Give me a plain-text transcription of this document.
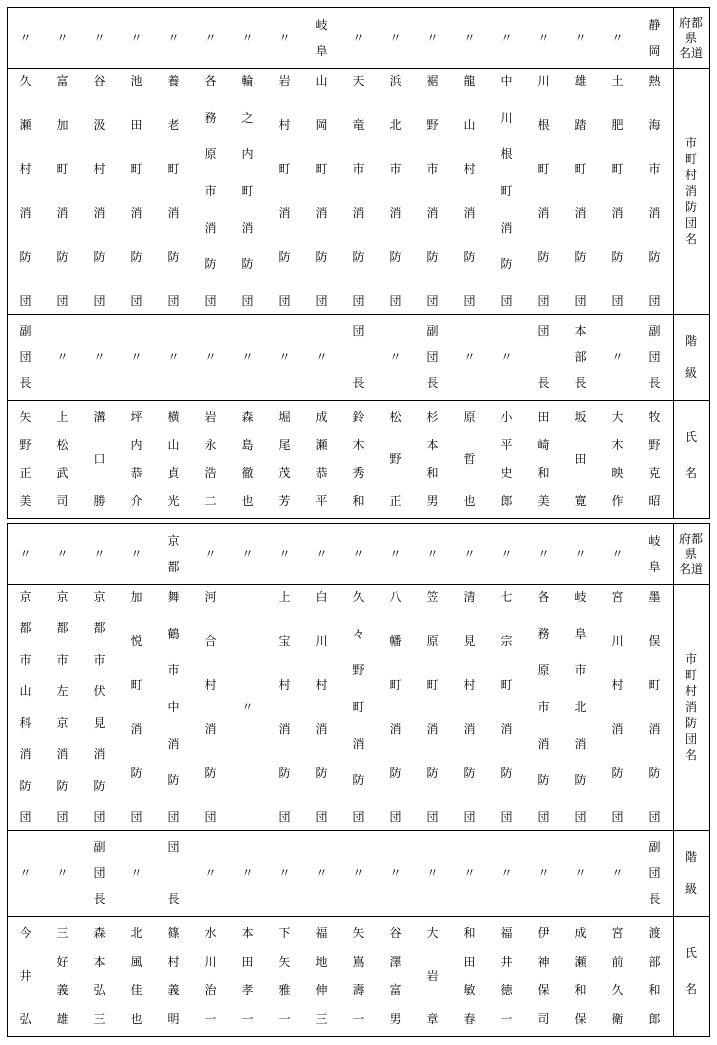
静
岡
熱
海
市
消
防
団
副
団
長
牧
野
克
昭
〃
土
肥
町
消
防
団
〃
大
木
映
作
〃
雄
踏
町
消
防
団
本
部
長
坂
田
寛
〃
川
根
町
消
防
団
団
長
田
崎
和
美
〃
中
川
根
町
消
防
団
〃
小
平
史
郎
〃
龍
山
村
消
防
団
〃
原
哲
也
〃
裾
野
市
消
防
団
副
団
長
杉
本
和
男
〃
浜
北
市
消
防
団
〃
松
野
正
〃
天
竜
市
消
防
団
団
長
鈴
木
秀
和
岐
阜
山
岡
町
消
防
団
〃
成
瀬
恭
平
〃
岩
村
町
消
防
団
〃
堀
尾
茂
芳
〃
輪
之
内
町
消
防
団
〃
森
島
徹
也
〃
各
務
原
市
消
防
団
〃
岩
永
浩
二
〃
養
老
町
消
防
団
〃
横
山
貞
光
〃
池
田
町
消
防
団
〃
坪
内
恭
介
〃
谷
汲
村
消
防
団
〃
溝
口
勝
〃
富
加
町
消
防
団
〃
上
松
武
司
〃
久
瀬
村
消
防
団
副
団
長
矢
野
正
美
府都
県
名道
市
町
村
消
防
団
名
階
級
氏
名
岐
阜
墨
俣
町
消
防
団
副
団
長
渡
部
和
郎
〃
宮
川
村
消
防
団
〃
宮
前
久
衛
〃
岐
阜
市
北
消
防
団
〃
成
瀬
和
保
〃
各
務
原
市
消
防
団
〃
伊
神
保
司
〃
七
宗
町
消
防
団
〃
福
井
徳
一
〃
清
見
村
消
防
団
〃
和
田
敏
春
〃
笠
原
町
消
防
団
〃
大
岩
章
〃
八
幡
町
消
防
団
〃
谷
澤
富
男
〃
久
々
野
町
消
防
団
〃
矢
嶌
壽
一
〃
白
川
村
消
防
団
〃
福
地
伸
三
〃
上
宝
村
消
防
団
〃
下
矢
雅
一
〃
〃
〃
本
田
孝
一
〃
河
合
村
消
防
団
〃
水
川
治
一
京
都
舞
鶴
市
中
消
防
団
団
長
篠
村
義
明
〃
加
悦
町
消
防
団
〃
北
風
佳
也
〃
京
都
市
伏
見
消
防
団
副
団
長
森
本
弘
三
〃
京
都
市
左
京
消
防
団
〃
三
好
義
雄
〃
京
都
市
山
科
消
防
団
〃
今
井
弘
府都
県
名道
市
町
村
消
防
団
名
階
級
氏
名
